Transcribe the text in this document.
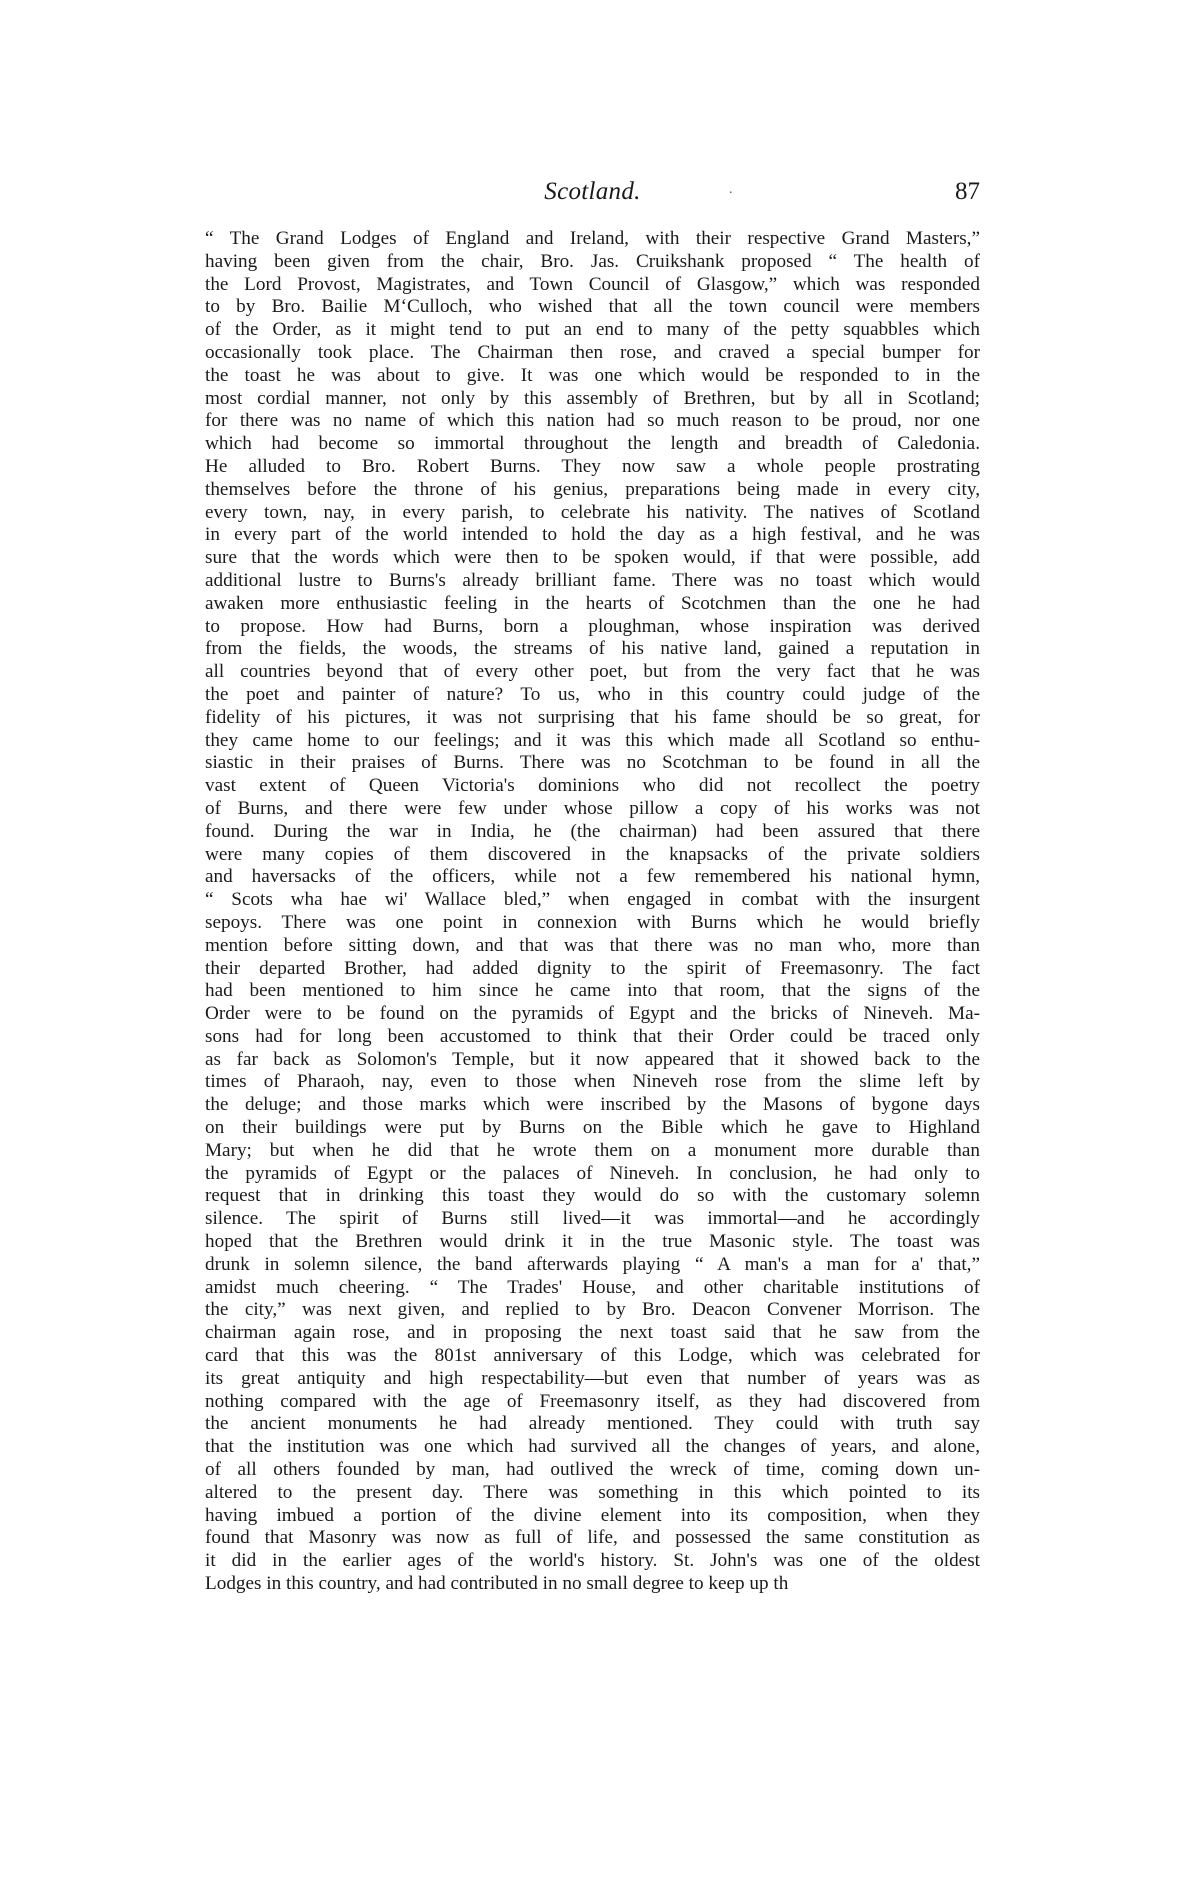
Scotland.	.	87
“ The Grand Lodges of England and Ireland, with their respective Grand Masters,”
having been given from the chair, Bro. Jas. Cruikshank proposed “ The health of
the Lord Provost, Magistrates, and Town Council of Glasgow,” which was responded
to by Bro. Bailie M‘Culloch, who wished that all the town council were members
of the Order, as it might tend to put an end to many of the petty squabbles which
occasionally took place. The Chairman then rose, and craved a special bumper for
the toast he was about to give. It was one which would be responded to in the
most cordial manner, not only by this assembly of Brethren, but by all in Scotland;
for there was no name of which this nation had so much reason to be proud, nor one
which had become so immortal throughout the length and breadth of Caledonia.
He alluded to Bro. Robert Burns. They now saw a whole people prostrating
themselves before the throne of his genius, preparations being made in every city,
every town, nay, in every parish, to celebrate his nativity. The natives of Scotland
in every part of the world intended to hold the day as a high festival, and he was
sure that the words which were then to be spoken would, if that were possible, add
additional lustre to Burns's already brilliant fame. There was no toast which would
awaken more enthusiastic feeling in the hearts of Scotchmen than the one he had
to propose. How had Burns, born a ploughman, whose inspiration was derived
from the fields, the woods, the streams of his native land, gained a reputation in
all countries beyond that of every other poet, but from the very fact that he was
the poet and painter of nature? To us, who in this country could judge of the
fidelity of his pictures, it was not surprising that his fame should be so great, for
they came home to our feelings; and it was this which made all Scotland so enthu-
siastic in their praises of Burns. There was no Scotchman to be found in all the
vast extent of Queen Victoria's dominions who did not recollect the poetry
of Burns, and there were few under whose pillow a copy of his works was not
found. During the war in India, he (the chairman) had been assured that there
were many copies of them discovered in the knapsacks of the private soldiers
and haversacks of the officers, while not a few remembered his national hymn,
“ Scots wha hae wi' Wallace bled,” when engaged in combat with the insurgent
sepoys. There was one point in connexion with Burns which he would briefly
mention before sitting down, and that was that there was no man who, more than
their departed Brother, had added dignity to the spirit of Freemasonry. The fact
had been mentioned to him since he came into that room, that the signs of the
Order were to be found on the pyramids of Egypt and the bricks of Nineveh. Ma-
sons had for long been accustomed to think that their Order could be traced only
as far back as Solomon's Temple, but it now appeared that it showed back to the
times of Pharaoh, nay, even to those when Nineveh rose from the slime left by
the deluge; and those marks which were inscribed by the Masons of bygone days
on their buildings were put by Burns on the Bible which he gave to Highland
Mary; but when he did that he wrote them on a monument more durable than
the pyramids of Egypt or the palaces of Nineveh. In conclusion, he had only to
request that in drinking this toast they would do so with the customary solemn
silence. The spirit of Burns still lived—it was immortal—and he accordingly
hoped that the Brethren would drink it in the true Masonic style. The toast was
drunk in solemn silence, the band afterwards playing “ A man's a man for a' that,”
amidst much cheering. “ The Trades' House, and other charitable institutions of
the city,” was next given, and replied to by Bro. Deacon Convener Morrison. The
chairman again rose, and in proposing the next toast said that he saw from the
card that this was the 801st anniversary of this Lodge, which was celebrated for
its great antiquity and high respectability—but even that number of years was as
nothing compared with the age of Freemasonry itself, as they had discovered from
the ancient monuments he had already mentioned. They could with truth say
that the institution was one which had survived all the changes of years, and alone,
of all others founded by man, had outlived the wreck of time, coming down un-
altered to the present day. There was something in this which pointed to its
having imbued a portion of the divine element into its composition, when they
found that Masonry was now as full of life, and possessed the same constitution as
it did in the earlier ages of the world's history. St. John's was one of the oldest
Lodges in this country, and had contributed in no small degree to keep up th
